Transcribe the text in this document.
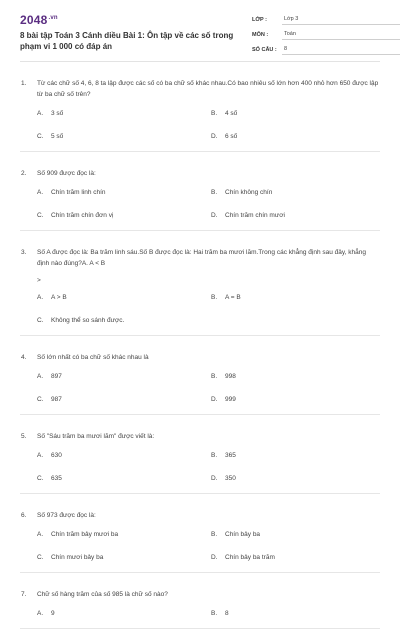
$2048^{.vn}$
8 bài tập Toán 3 Cánh diều Bài 1: Ôn tập về các số trong phạm vi 1 000 có đáp án
LỚP :	Lớp 3
MÔN :	Toán
SỐ CÂU :	8
1.	Từ các chữ số 4, 6, 8 ta lập được các số có ba chữ số khác nhau.Có bao nhiêu số lớn hơn 400 nhỏ hơn 650 được lập từ ba chữ số trên?
A.	3 số	B.	4 số
C.	5 số	D.	6 số
2.	Số 909 được đọc là:
A.	Chín trăm linh chín	B.	Chín không chín
C.	Chín trăm chín đơn vị	D.	Chín trăm chín mươi
3.	Số A được đọc là: Ba trăm linh sáu.Số B được đọc là: Hai trăm ba mươi lăm.Trong các khẳng định sau đây, khẳng định nào đúng?A. A < B
>
A.	A > B	B.	A = B
C.	Không thể so sánh được.
4.	Số lớn nhất có ba chữ số khác nhau là
A.	897	B.	998
C.	987	D.	999
5.	Số "Sáu trăm ba mươi lăm" được viết là:
A.	630	B.	365
C.	635	D.	350
6.	Số 973 được đọc là:
A.	Chín trăm bảy mươi ba	B.	Chín bảy ba
C.	Chín mươi bảy ba	D.	Chín bảy ba trăm
7.	Chữ số hàng trăm của số 985 là chữ số nào?
A.	9	B.	8
